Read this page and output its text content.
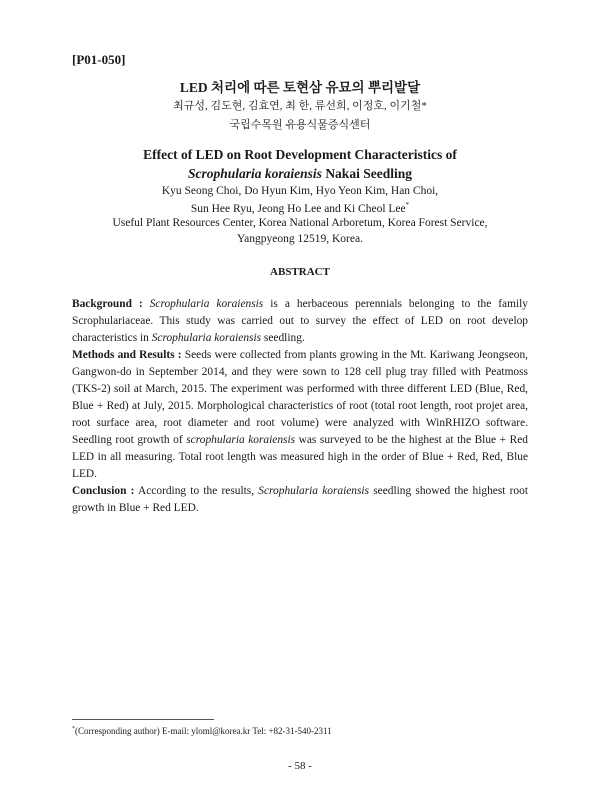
[P01-050]
LED 처리에 따른 토현삼 유묘의 뿌리발달
최규성, 김도현, 김효연, 최 한, 류선희, 이정호, 이기철*
국립수목원 유용식물증식센터
Effect of LED on Root Development Characteristics of
Scrophularia koraiensis Nakai Seedling
Kyu Seong Choi, Do Hyun Kim, Hyo Yeon Kim, Han Choi,
Sun Hee Ryu, Jeong Ho Lee and Ki Cheol Lee*
Useful Plant Resources Center, Korea National Arboretum, Korea Forest Service,
Yangpyeong 12519, Korea.
ABSTRACT

Background : Scrophularia koraiensis is a herbaceous perennials belonging to the family Scrophulariaceae. This study was carried out to survey the effect of LED on root develop characteristics in Scrophularia koraiensis seedling.

Methods and Results : Seeds were collected from plants growing in the Mt. Kariwang Jeongseon, Gangwon-do in September 2014, and they were sown to 128 cell plug tray filled with Peatmoss (TKS-2) soil at March, 2015. The experiment was performed with three different LED (Blue, Red, Blue + Red) at July, 2015. Morphological characteristics of root (total root length, root projet area, root surface area, root diameter and root volume) were analyzed with WinRHIZO software. Seedling root growth of scrophularia koraiensis was surveyed to be the highest at the Blue + Red LED in all measuring. Total root length was measured high in the order of Blue + Red, Red, Blue LED.

Conclusion : According to the results, Scrophularia koraiensis seedling showed the highest root growth in Blue + Red LED.

*(Corresponding author) E-mail: yloml@korea.kr Tel: +82-31-540-2311
- 58 -
